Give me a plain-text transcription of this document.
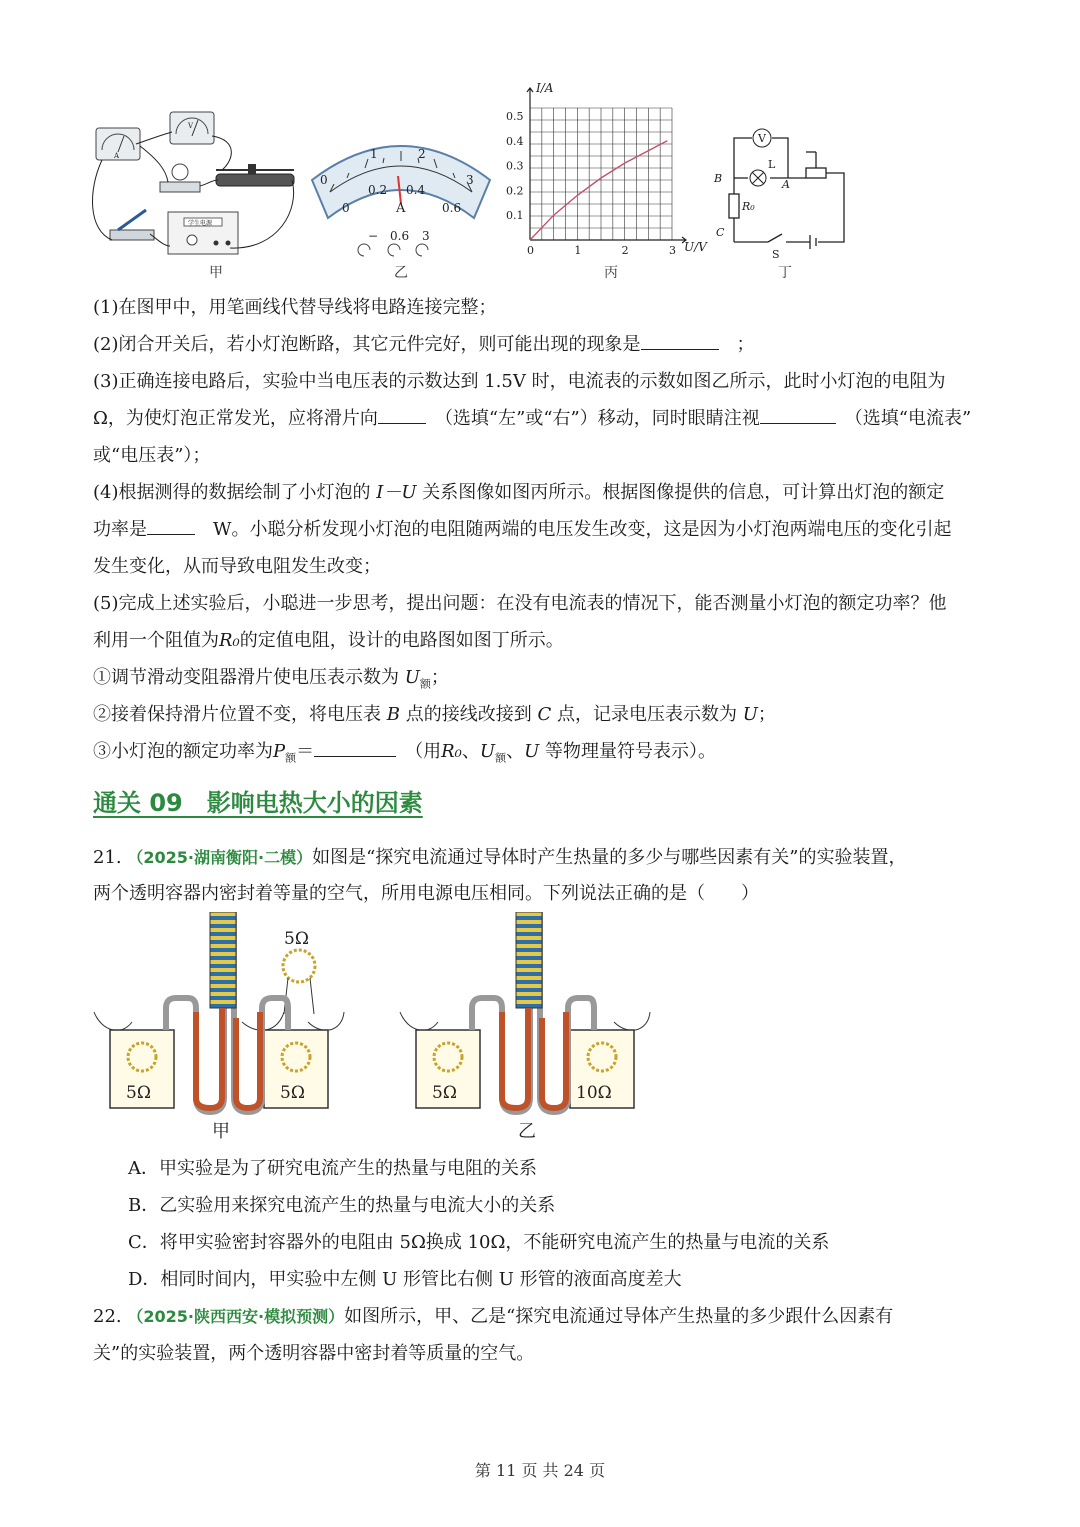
A
V
学生电源
甲
0
1	2
3
0
0.2 0.4
0.6
A
− 0.6 3
乙
0	1	2	3
0.1
0.2
0.3
0.4
0.5
I/A
U/V
丙
V
L
A
B
R₀
C
S
丁
(1)在图甲中，用笔画线代替导线将电路连接完整；
(2)闭合开关后，若小灯泡断路，其它元件完好，则可能出现的现象是　	；
(3)正确连接电路后，实验中当电压表的示数达到 1.5V 时，电流表的示数如图乙所示，此时小灯泡的电阻为
Ω，为使灯泡正常发光，应将滑片向　	（选填“左”或“右”）移动，同时眼睛注视　	（选填“电流表”
或“电压表”）；
(4)根据测得的数据绘制了小灯泡的 I－U 关系图像如图丙所示。根据图像提供的信息，可计算出灯泡的额定
功率是　	W。小聪分析发现小灯泡的电阻随两端的电压发生改变，这是因为小灯泡两端电压的变化引起
发生变化，从而导致电阻发生改变；
(5)完成上述实验后，小聪进一步思考，提出问题：在没有电流表的情况下，能否测量小灯泡的额定功率？他
利用一个阻值为R₀的定值电阻，设计的电路图如图丁所示。
①调节滑动变阻器滑片使电压表示数为 $U_额$；
②接着保持滑片位置不变，将电压表 B 点的接线改接到 C 点，记录电压表示数为 U；
③小灯泡的额定功率为$P_额=$　	（用R₀、$U_额$、U 等物理量符号表示）。
通关 09　影响电热大小的因素
21. （2025·湖南衡阳·二模）如图是“探究电流通过导体时产生热量的多少与哪些因素有关”的实验装置，
两个透明容器内密封着等量的空气，所用电源电压相同。下列说法正确的是（　　）
5Ω	5Ω
5Ω
甲
5Ω	10Ω
乙
A．甲实验是为了研究电流产生的热量与电阻的关系
B．乙实验用来探究电流产生的热量与电流大小的关系
C．将甲实验密封容器外的电阻由 5Ω换成 10Ω，不能研究电流产生的热量与电流的关系
D．相同时间内，甲实验中左侧 U 形管比右侧 U 形管的液面高度差大
22. （2025·陕西西安·模拟预测）如图所示，甲、乙是“探究电流通过导体产生热量的多少跟什么因素有
关”的实验装置，两个透明容器中密封着等质量的空气。
第 11 页 共 24 页
